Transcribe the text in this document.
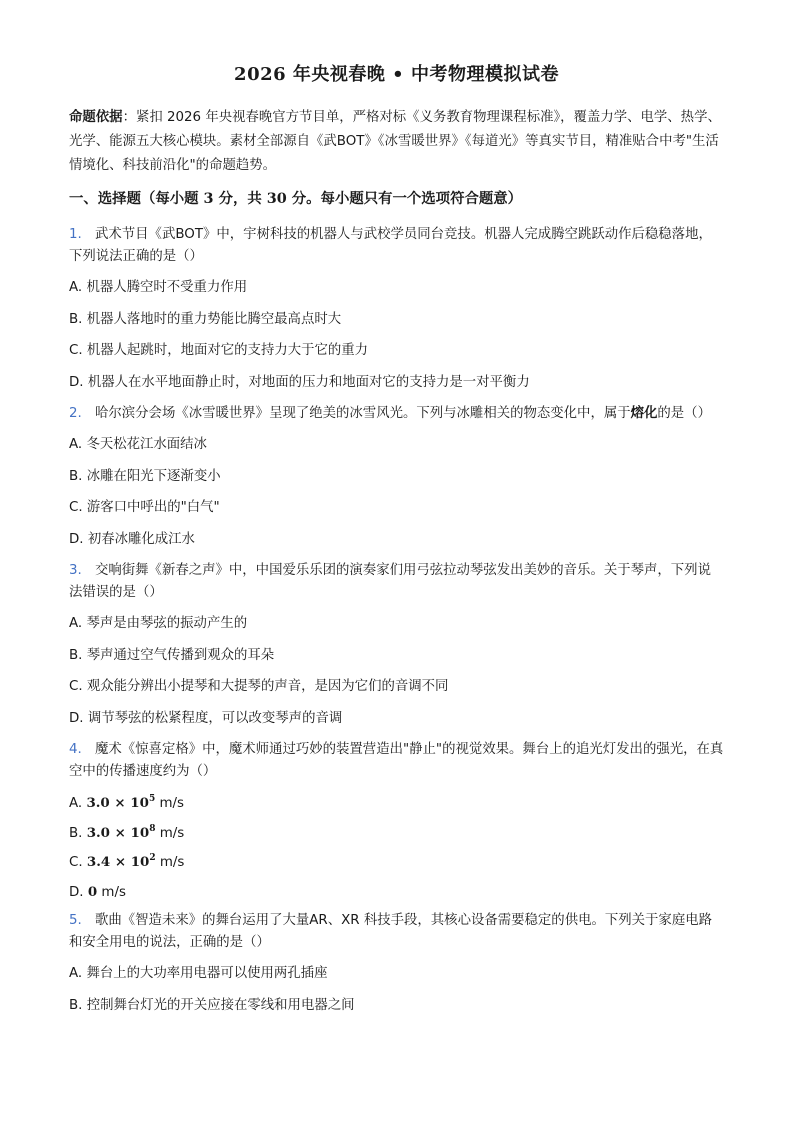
2026 年央视春晚 • 中考物理模拟试卷

命题依据：紧扣 2026 年央视春晚官方节目单，严格对标《义务教育物理课程标准》，覆盖力学、电学、热学、光学、能源五大核心模块。素材全部源自《武BOT》《冰雪暖世界》《每道光》等真实节目，精准贴合中考"生活情境化、科技前沿化"的命题趋势。

一、选择题（每小题 3 分，共 30 分。每小题只有一个选项符合题意）

1. 武术节目《武BOT》中，宇树科技的机器人与武校学员同台竞技。机器人完成腾空跳跃动作后稳稳落地，下列说法正确的是（）

A. 机器人腾空时不受重力作用

B. 机器人落地时的重力势能比腾空最高点时大

C. 机器人起跳时，地面对它的支持力大于它的重力

D. 机器人在水平地面静止时，对地面的压力和地面对它的支持力是一对平衡力

2. 哈尔滨分会场《冰雪暖世界》呈现了绝美的冰雪风光。下列与冰雕相关的物态变化中，属于熔化的是（）

A. 冬天松花江水面结冰

B. 冰雕在阳光下逐渐变小

C. 游客口中呼出的"白气"

D. 初春冰雕化成江水

3. 交响街舞《新春之声》中，中国爱乐乐团的演奏家们用弓弦拉动琴弦发出美妙的音乐。关于琴声，下列说法错误的是（）

A. 琴声是由琴弦的振动产生的

B. 琴声通过空气传播到观众的耳朵

C. 观众能分辨出小提琴和大提琴的声音，是因为它们的音调不同

D. 调节琴弦的松紧程度，可以改变琴声的音调

4. 魔术《惊喜定格》中，魔术师通过巧妙的装置营造出"静止"的视觉效果。舞台上的追光灯发出的强光，在真空中的传播速度约为（）

A. $3.0 \times 10^5$ m/s

B. $3.0 \times 10^8$ m/s

C. $3.4 \times 10^2$ m/s

D. 0 m/s

5. 歌曲《智造未来》的舞台运用了大量AR、XR 科技手段，其核心设备需要稳定的供电。下列关于家庭电路和安全用电的说法，正确的是（）

A. 舞台上的大功率用电器可以使用两孔插座

B. 控制舞台灯光的开关应接在零线和用电器之间
